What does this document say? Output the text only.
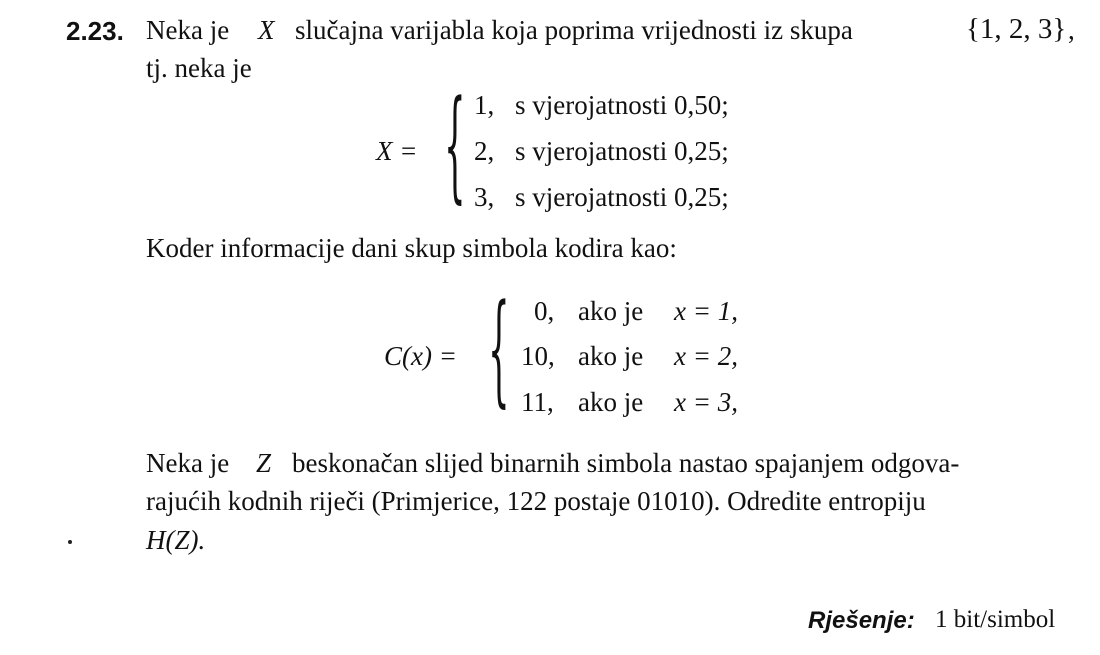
2.23. Neka je X slučajna varijabla koja poprima vrijednosti iz skupa	{1, 2, 3} ,
tj. neka je
X = { 1, s vjerojatnosti 0,50;
2, s vjerojatnosti 0,25;
3, s vjerojatnosti 0,25;
Koder informacije dani skup simbola kodira kao:
C(x) = { 0, ako je x = 1,
10, ako je x = 2,
11, ako je x = 3,
Neka je Z beskonačan slijed binarnih simbola nastao spajanjem odgova-
rajućih kodnih riječi (Primjerice, 122 postaje 01010). Odredite entropiju
H(Z).
Rješenje: 1 bit/simbol
